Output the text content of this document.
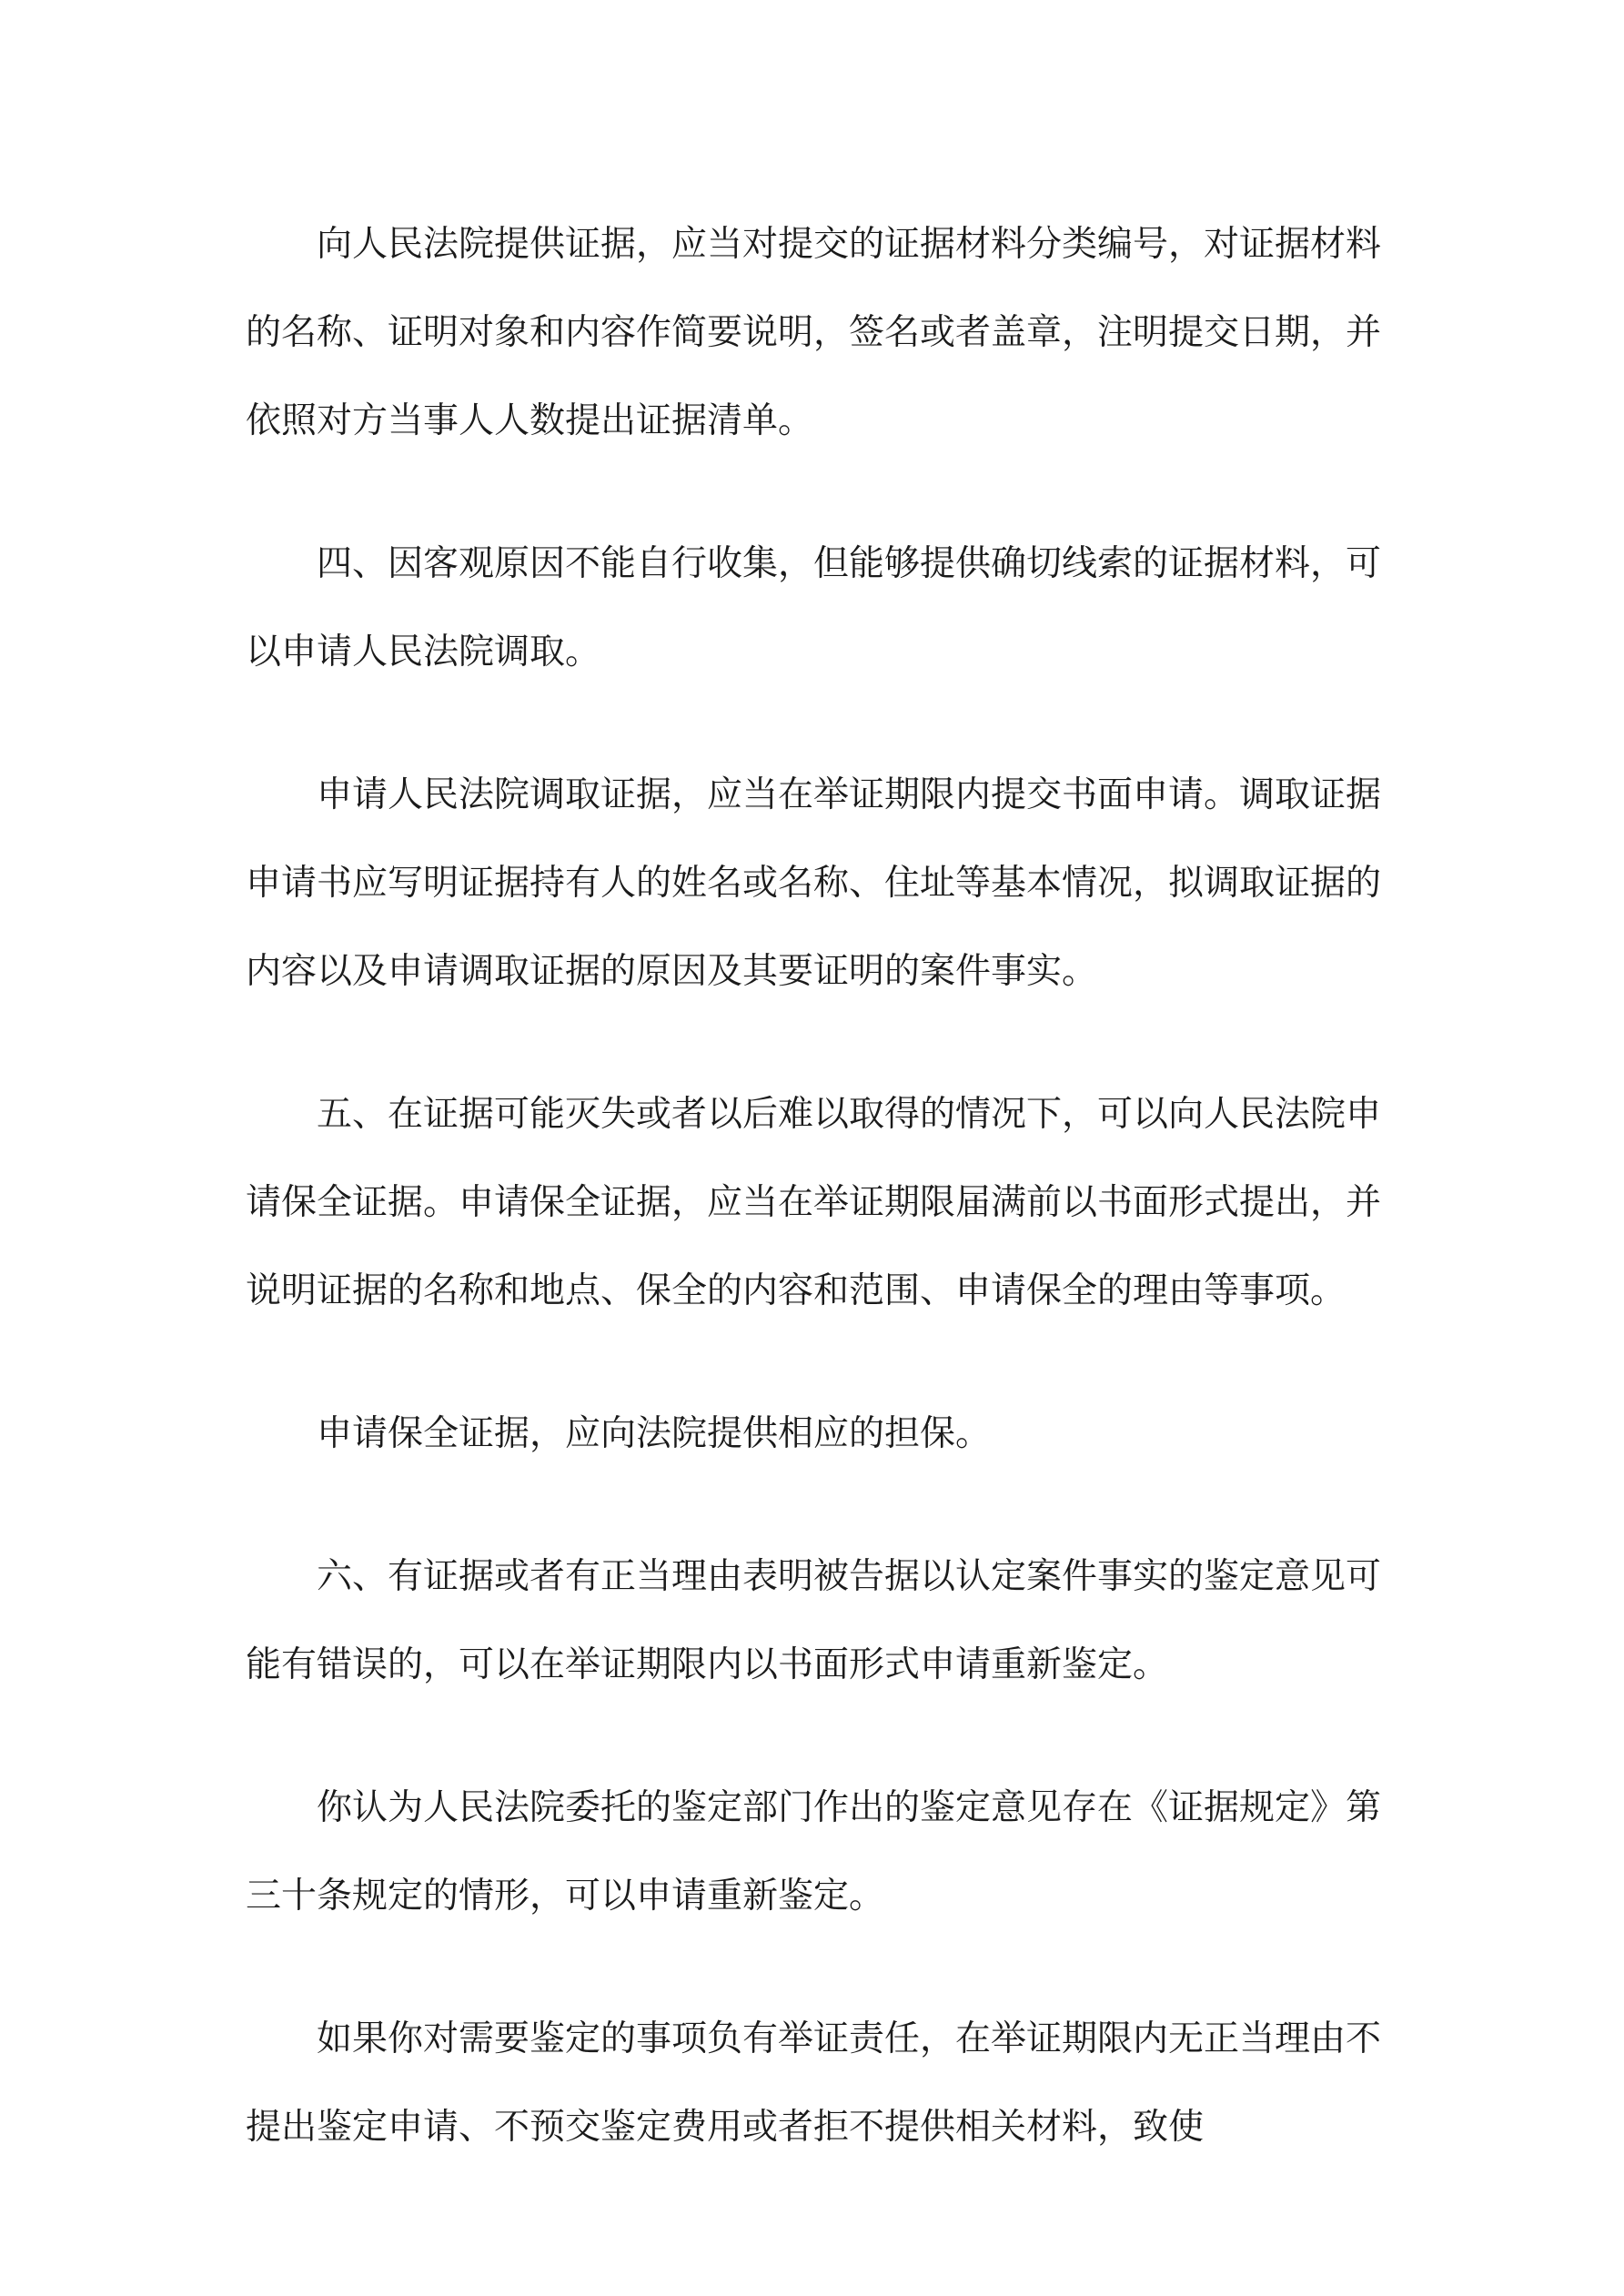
向人民法院提供证据，应当对提交的证据材料分类编号，对证据材料的名称、证明对象和内容作简要说明，签名或者盖章，注明提交日期，并依照对方当事人人数提出证据清单。

四、因客观原因不能自行收集，但能够提供确切线索的证据材料，可以申请人民法院调取。

申请人民法院调取证据，应当在举证期限内提交书面申请。调取证据申请书应写明证据持有人的姓名或名称、住址等基本情况，拟调取证据的内容以及申请调取证据的原因及其要证明的案件事实。

五、在证据可能灭失或者以后难以取得的情况下，可以向人民法院申请保全证据。申请保全证据，应当在举证期限届满前以书面形式提出，并说明证据的名称和地点、保全的内容和范围、申请保全的理由等事项。

申请保全证据，应向法院提供相应的担保。

六、有证据或者有正当理由表明被告据以认定案件事实的鉴定意见可能有错误的，可以在举证期限内以书面形式申请重新鉴定。

你认为人民法院委托的鉴定部门作出的鉴定意见存在《证据规定》第三十条规定的情形，可以申请重新鉴定。

如果你对需要鉴定的事项负有举证责任，在举证期限内无正当理由不提出鉴定申请、不预交鉴定费用或者拒不提供相关材料，致使
